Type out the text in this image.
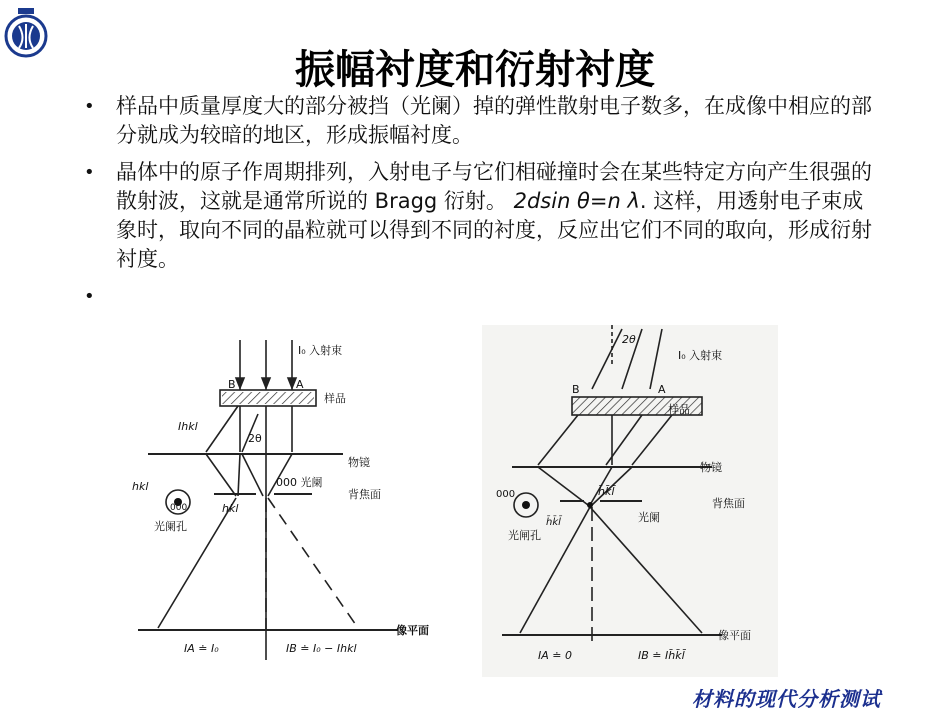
振幅衬度和衍射衬度
• 样品中质量厚度大的部分被挡（光阑）掉的弹性散射电子数多，在成像中相应的部分就成为较暗的地区，形成振幅衬度。
• 晶体中的原子作周期排列，入射电子与它们相碰撞时会在某些特定方向产生很强的散射波，这就是通常所说的 Bragg 衍射。 2dsin θ=n λ. 这样，用透射电子束成象时，取向不同的晶粒就可以得到不同的衬度，反应出它们不同的取向，形成衍射衬度。
•
I₀ 入射束
样品
B	A
Ihkl
2θ
物镜
000 光阑
背焦面
hkl
hkl
000
光阑孔
像平面
IA ≐ I₀	IB ≐ I₀ − Ihkl
2θ
I₀ 入射束
B	A
样品
物镜
h̄k̄l̄
背焦面
000
h̄k̄l̄	光阑
光闸孔
像平面
IA ≐ 0	IB ≐ Ih̄k̄l̄
材料的现代分析测试
